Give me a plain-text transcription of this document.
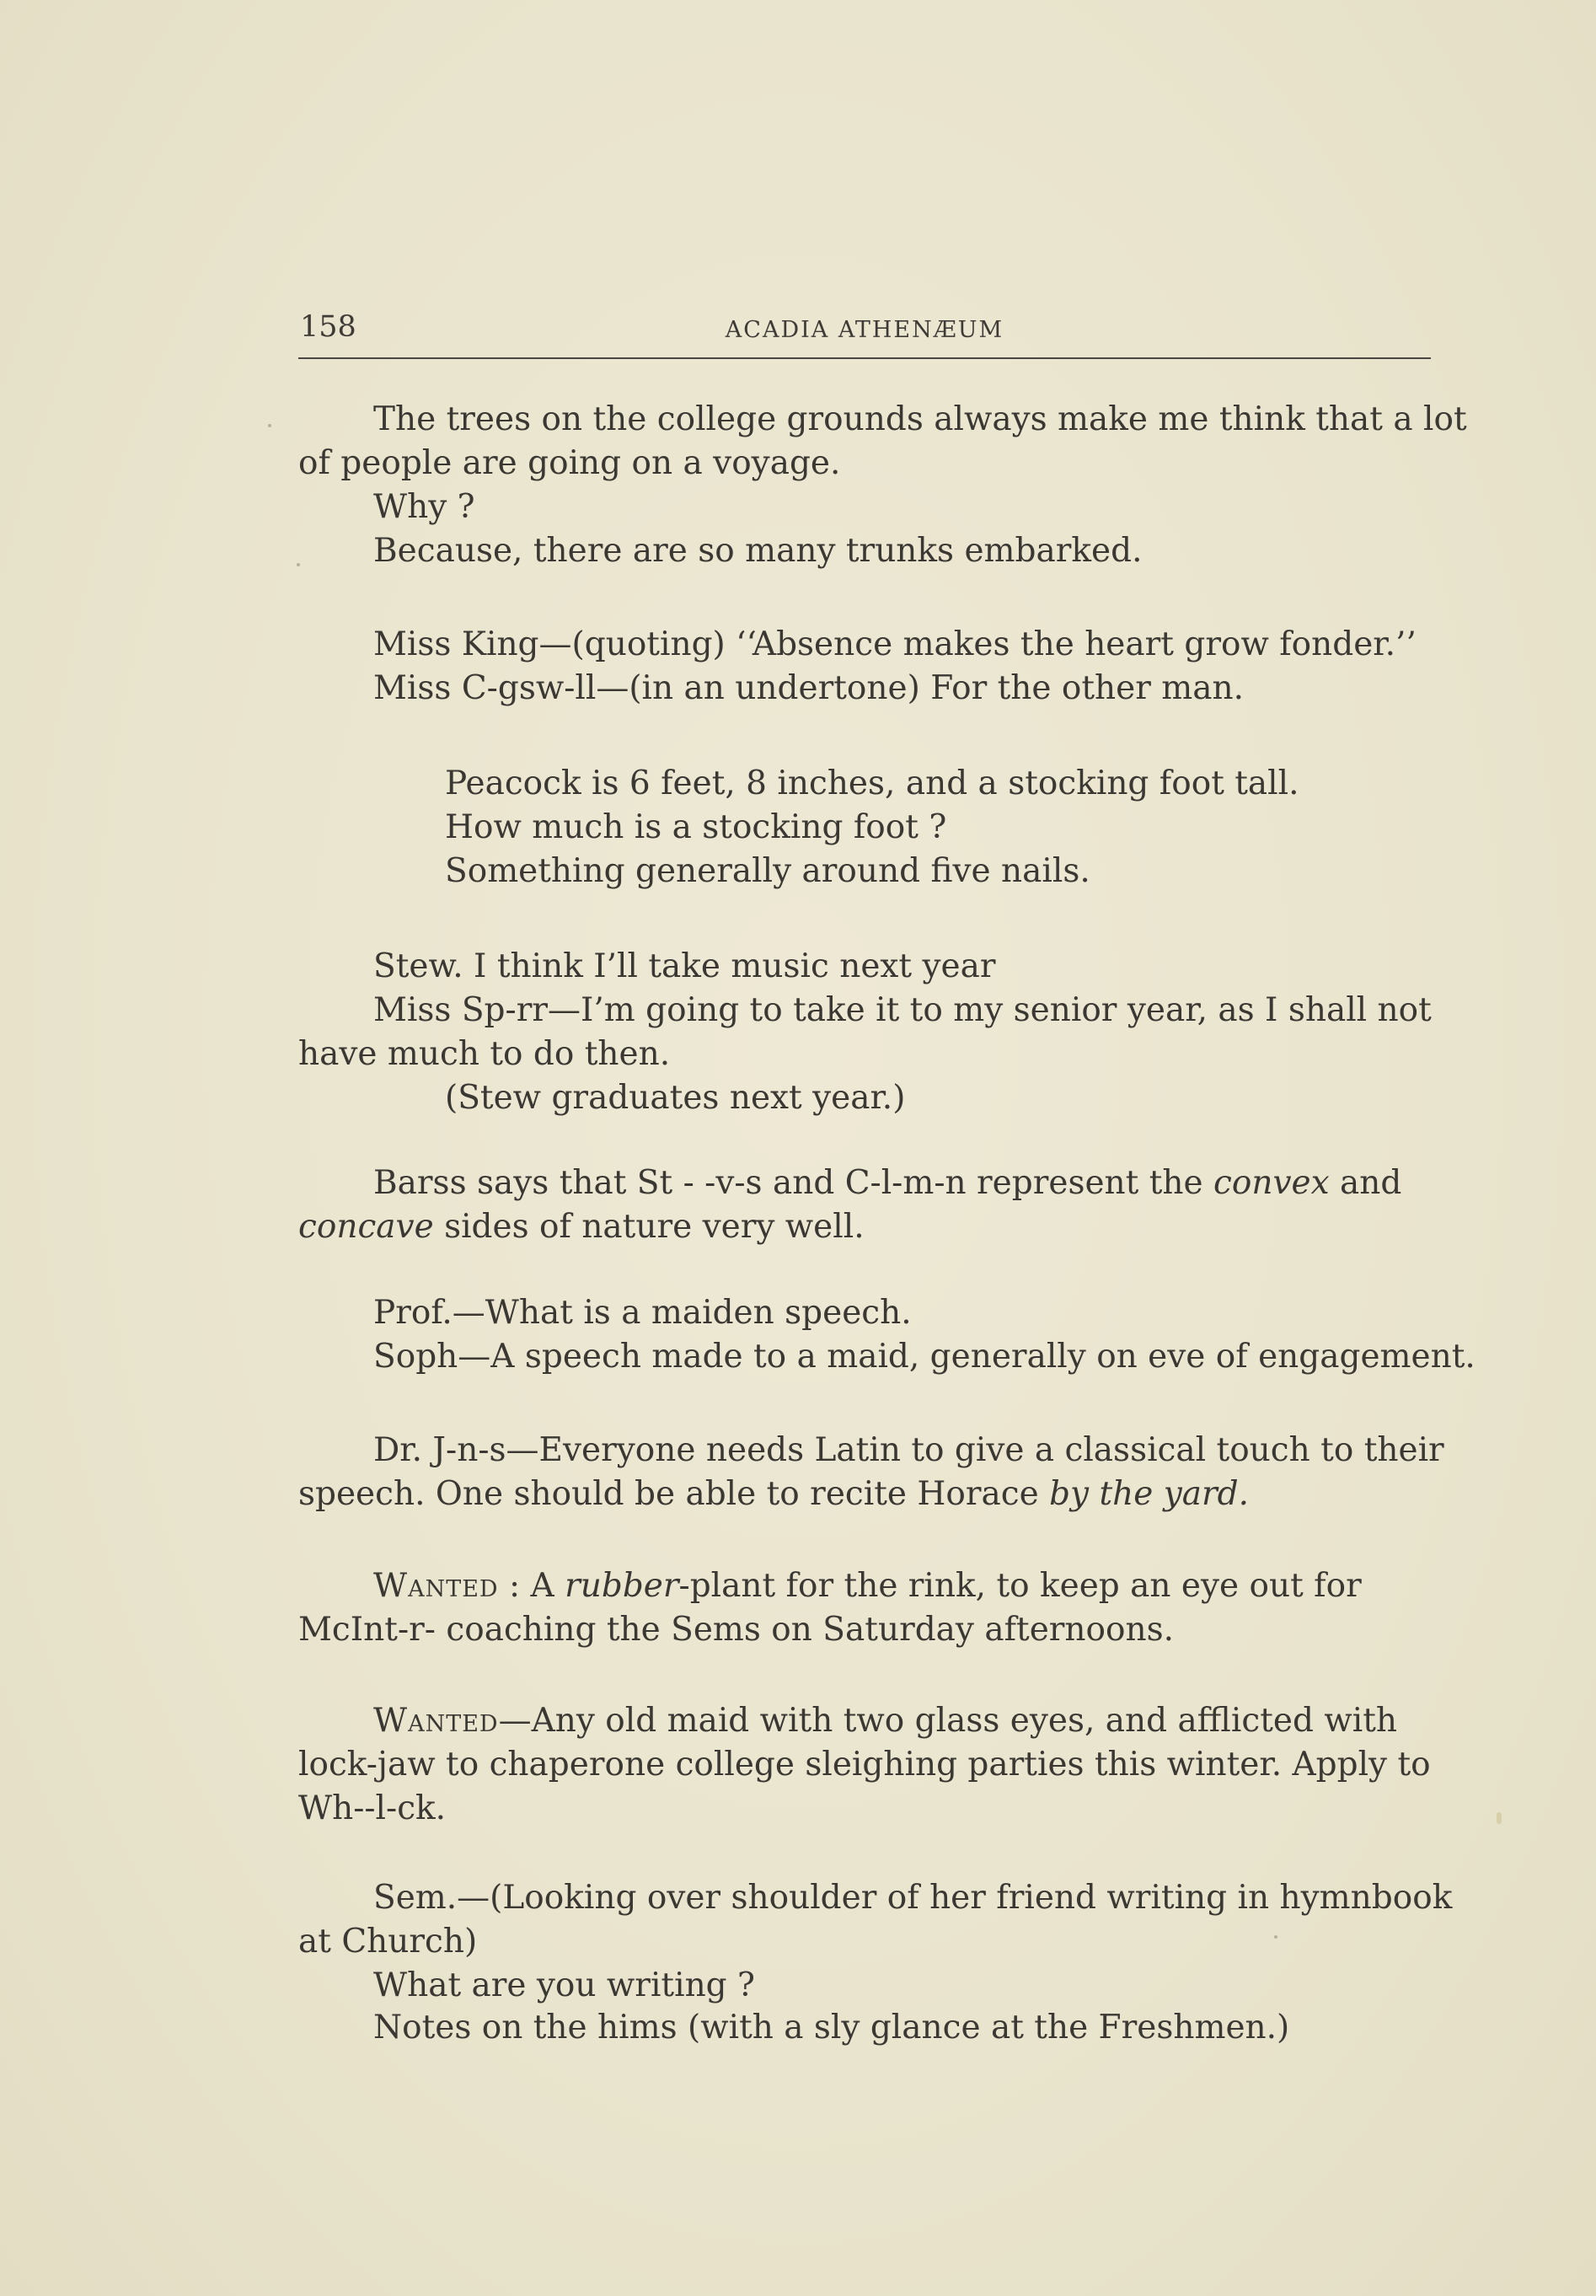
158	ACADIA ATHENÆUM
The trees on the college grounds always make me think that a lot
of people are going on a voyage.
Why ?
Because, there are so many trunks embarked.
Miss King—(quoting) ‘‘Absence makes the heart grow fonder.’’
Miss C-gsw-ll—(in an undertone) For the other man.
Peacock is 6 feet, 8 inches, and a stocking foot tall.
How much is a stocking foot ?
Something generally around five nails.
Stew. I think I’ll take music next year
Miss Sp-rr—I’m going to take it to my senior year, as I shall not
have much to do then.
(Stew graduates next year.)
Barss says that St - -v-s and C-l-m-n represent the convex and
concave sides of nature very well.
Prof.—What is a maiden speech.
Soph—A speech made to a maid, generally on eve of engagement.
Dr. J-n-s—Everyone needs Latin to give a classical touch to their
speech. One should be able to recite Horace by the yard.
Wanted : A rubber-plant for the rink, to keep an eye out for
McInt-r- coaching the Sems on Saturday afternoons.
Wanted—Any old maid with two glass eyes, and afflicted with
lock-jaw to chaperone college sleighing parties this winter. Apply to
Wh--l-ck.
Sem.—(Looking over shoulder of her friend writing in hymnbook
at Church)
What are you writing ?
Notes on the hims (with a sly glance at the Freshmen.)
